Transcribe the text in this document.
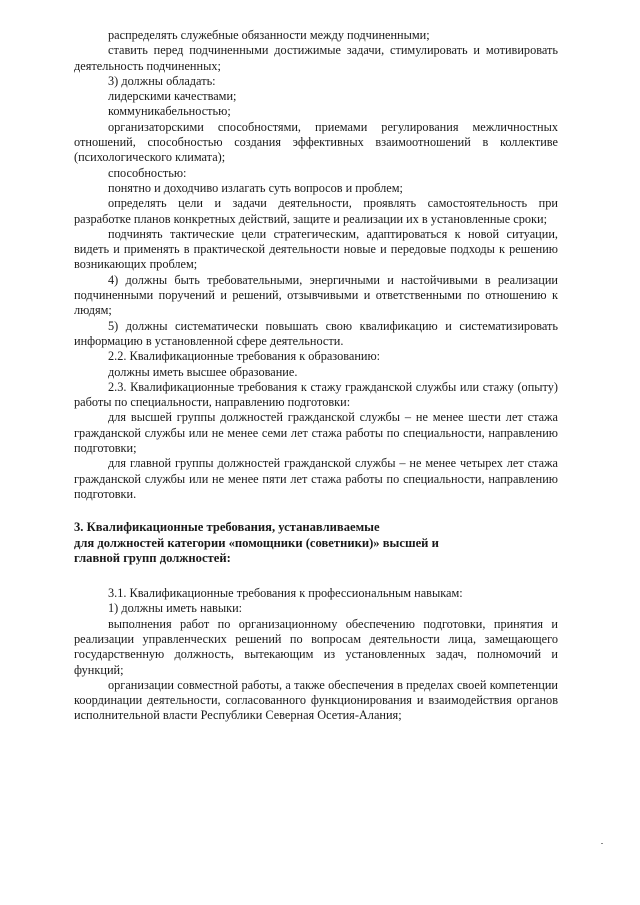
распределять служебные обязанности между подчиненными;

ставить перед подчиненными достижимые задачи, стимулировать и мотивировать деятельность подчиненных;

3) должны обладать:

лидерскими качествами;

коммуникабельностью;

организаторскими способностями, приемами регулирования межличностных отношений, способностью создания эффективных взаимоотношений в коллективе (психологического климата);

способностью:

понятно и доходчиво излагать суть вопросов и проблем;

определять цели и задачи деятельности, проявлять самостоятельность при разработке планов конкретных действий, защите и реализации их в установленные сроки;

подчинять тактические цели стратегическим, адаптироваться к новой ситуации, видеть и применять в практической деятельности новые и передовые подходы к решению возникающих проблем;

4) должны быть требовательными, энергичными и настойчивыми в реализации подчиненными поручений и решений, отзывчивыми и ответственными по отношению к людям;

5) должны систематически повышать свою квалификацию и систематизировать информацию в установленной сфере деятельности.

2.2. Квалификационные требования к образованию:

должны иметь высшее образование.

2.3. Квалификационные требования к стажу гражданской службы или стажу (опыту) работы по специальности, направлению подготовки:

для высшей группы должностей гражданской службы – не менее шести лет стажа гражданской службы или не менее семи лет стажа работы по специальности, направлению подготовки;

для главной группы должностей гражданской службы – не менее четырех лет стажа гражданской службы или не менее пяти лет стажа работы по специальности, направлению подготовки.

3. Квалификационные требования, устанавливаемые
для должностей категории «помощники (советники)» высшей и
главной групп должностей:

3.1. Квалификационные требования к профессиональным навыкам:

1) должны иметь навыки:

выполнения работ по организационному обеспечению подготовки, принятия и реализации управленческих решений по вопросам деятельности лица, замещающего государственную должность, вытекающим из установленных задач, полномочий и функций;

организации совместной работы, а также обеспечения в пределах своей компетенции координации деятельности, согласованного функционирования и взаимодействия органов исполнительной власти Республики Северная Осетия-Алания;
